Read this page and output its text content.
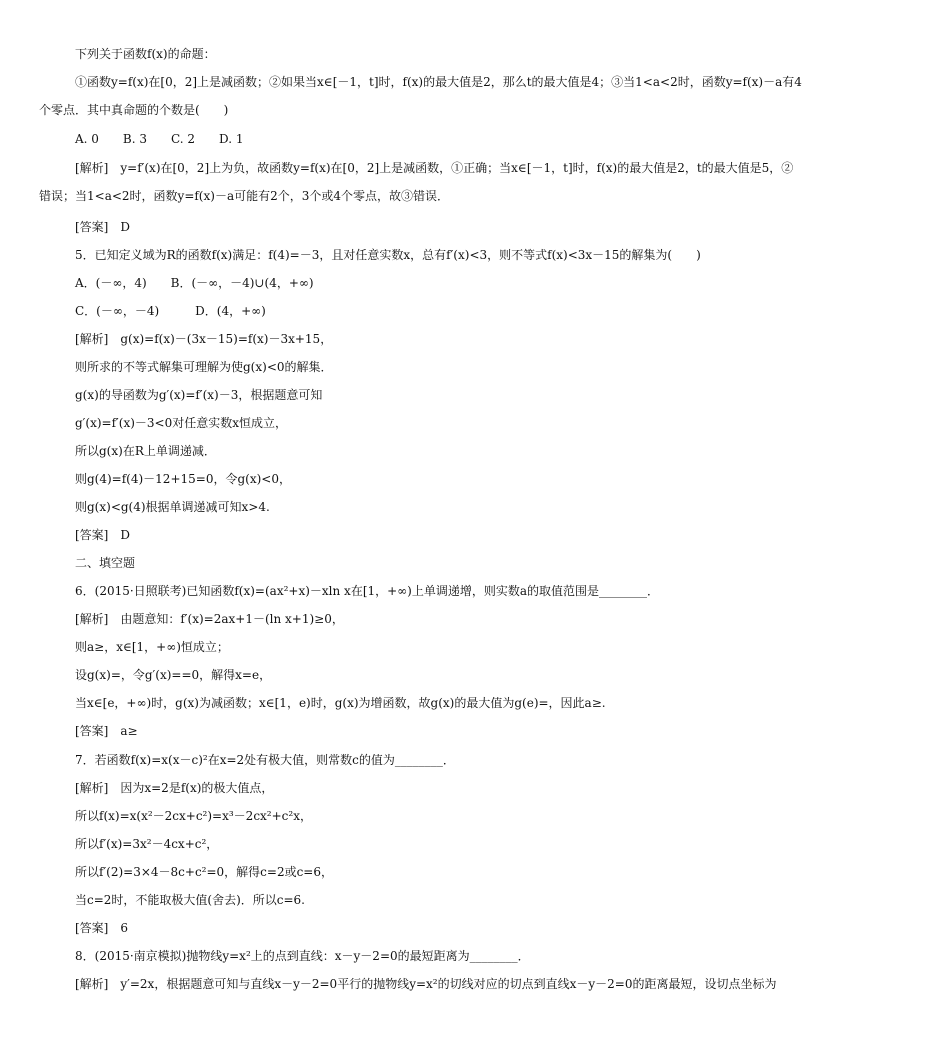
下列关于函数f(x)的命题：
①函数y=f(x)在[0，2]上是减函数；②如果当x∈[－1，t]时，f(x)的最大值是2，那么t的最大值是4；③当1<a<2时，函数y=f(x)－a有4
个零点．其中真命题的个数是(　　)
A. 0　　B. 3　　C. 2　　D. 1
[解析]　y=f′(x)在[0，2]上为负，故函数y=f(x)在[0，2]上是减函数，①正确；当x∈[－1，t]时，f(x)的最大值是2，t的最大值是5，②
错误；当1<a<2时，函数y=f(x)－a可能有2个，3个或4个零点，故③错误．
[答案]　D
5．已知定义域为R的函数f(x)满足：f(4)=－3，且对任意实数x，总有f′(x)<3，则不等式f(x)<3x－15的解集为(　　)
A．(－∞，4)　　B．(－∞，－4)∪(4，+∞)
C．(－∞，－4)　　　D．(4，+∞)
[解析]　g(x)=f(x)－(3x－15)=f(x)－3x+15，
则所求的不等式解集可理解为使g(x)<0的解集．
g(x)的导函数为g′(x)=f′(x)－3，根据题意可知
g′(x)=f′(x)－3<0对任意实数x恒成立，
所以g(x)在R上单调递减．
则g(4)=f(4)－12+15=0，令g(x)<0，
则g(x)<g(4)根据单调递减可知x>4.
[答案]　D
二、填空题
6．(2015·日照联考)已知函数f(x)=(ax²+x)－xln x在[1，+∞)上单调递增，则实数a的取值范围是________．
[解析]　由题意知：f′(x)=2ax+1－(ln x+1)≥0，
则a≥，x∈[1，+∞)恒成立；
设g(x)=，令g′(x)==0，解得x=e，
当x∈[e，+∞)时，g(x)为减函数；x∈[1，e)时，g(x)为增函数，故g(x)的最大值为g(e)=，因此a≥.
[答案]　a≥
7．若函数f(x)=x(x－c)²在x=2处有极大值，则常数c的值为________．
[解析]　因为x=2是f(x)的极大值点，
所以f(x)=x(x²－2cx+c²)=x³－2cx²+c²x，
所以f′(x)=3x²－4cx+c²，
所以f′(2)=3×4－8c+c²=0，解得c=2或c=6，
当c=2时，不能取极大值(舍去)．所以c=6.
[答案]　6
8．(2015·南京模拟)抛物线y=x²上的点到直线：x－y－2=0的最短距离为________．
[解析]　y′=2x，根据题意可知与直线x－y－2=0平行的抛物线y=x²的切线对应的切点到直线x－y－2=0的距离最短，设切点坐标为
